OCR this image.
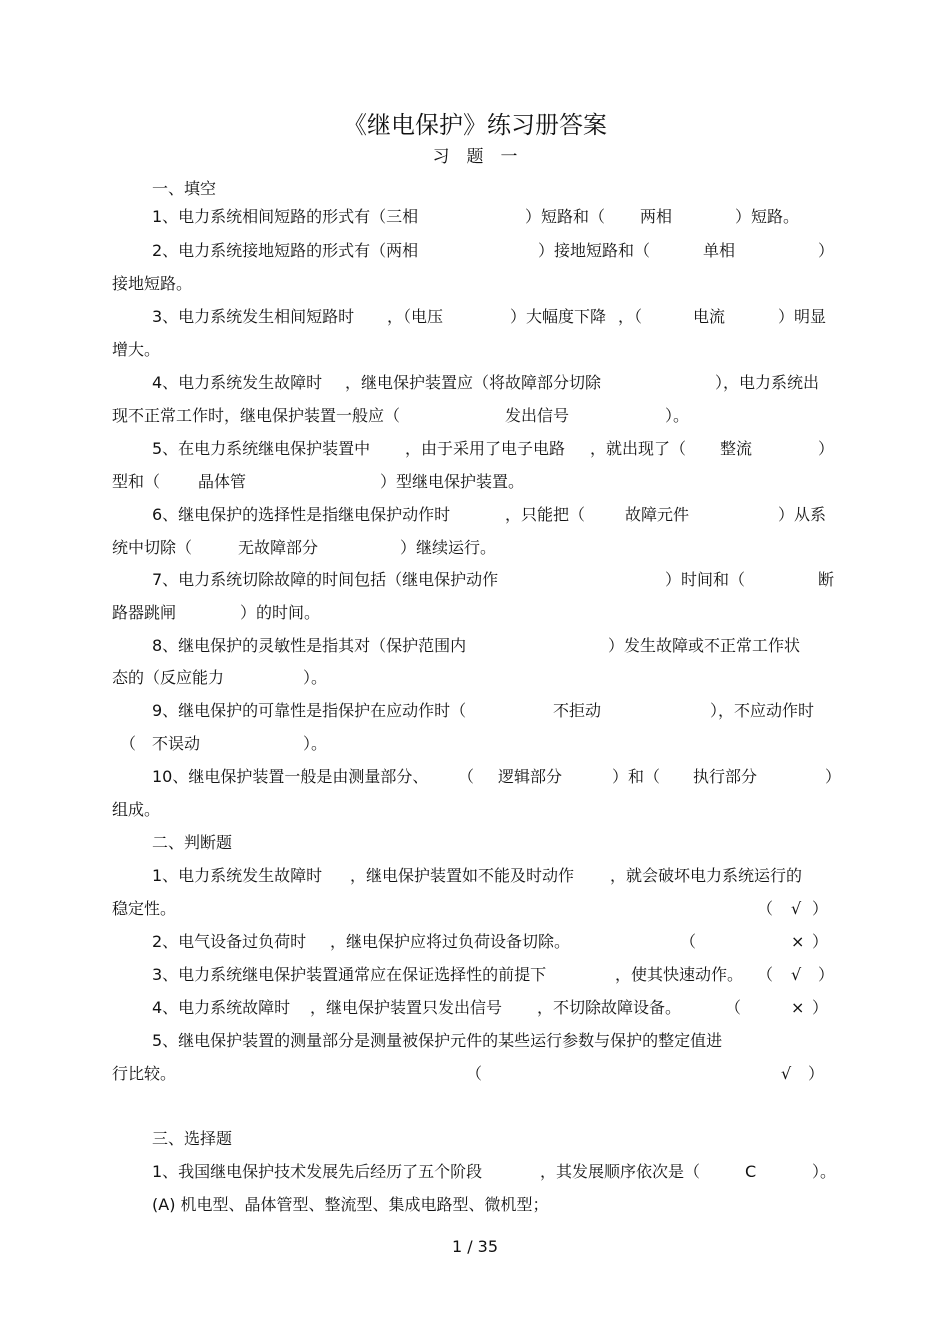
《继电保护》练习册答案
习　题　一
一、填空
1、电力系统相间短路的形式有（三相	）短路和（ 两相	）短路。
2、电力系统接地短路的形式有（两相	）接地短路和（	单相	）
接地短路。
3、电力系统发生相间短路时 ，（电压	）大幅度下降 ，（	电流	）明显
增大。
4、电力系统发生故障时 ，继电保护装置应（将故障部分切除	），电力系统出
现不正常工作时，继电保护装置一般应（	发出信号	）。
5、在电力系统继电保护装置中 ，由于采用了电子电路 ，就出现了（ 整流	）
型和（ 晶体管	）型继电保护装置。
6、继电保护的选择性是指继电保护动作时	，只能把（ 故障元件	）从系
统中切除（	无故障部分	）继续运行。
7、电力系统切除故障的时间包括（继电保护动作	）时间和（	断
路器跳闸	）的时间。
8、继电保护的灵敏性是指其对（保护范围内	）发生故障或不正常工作状
态的（反应能力	）。
9、继电保护的可靠性是指保护在应动作时（	不拒动	），不应动作时
（ 不误动	）。
10、继电保护装置一般是由测量部分、 （ 逻辑部分	）和（ 执行部分	）
组成。
二、判断题
1、电力系统发生故障时 ，继电保护装置如不能及时动作 ，就会破坏电力系统运行的
稳定性。	（ √ ）
2、电气设备过负荷时 ，继电保护应将过负荷设备切除。	（	× ）
3、电力系统继电保护装置通常应在保证选择性的前提下	，使其快速动作。 （ √ ）
4、电力系统故障时 ，继电保护装置只发出信号 ，不切除故障设备。	（	× ）
5、继电保护装置的测量部分是测量被保护元件的某些运行参数与保护的整定值进
行比较。	（	√ ）
三、选择题
1、我国继电保护技术发展先后经历了五个阶段	，其发展顺序依次是（	C	）。
(A) 机电型、晶体管型、整流型、集成电路型、微机型；
1 / 35
